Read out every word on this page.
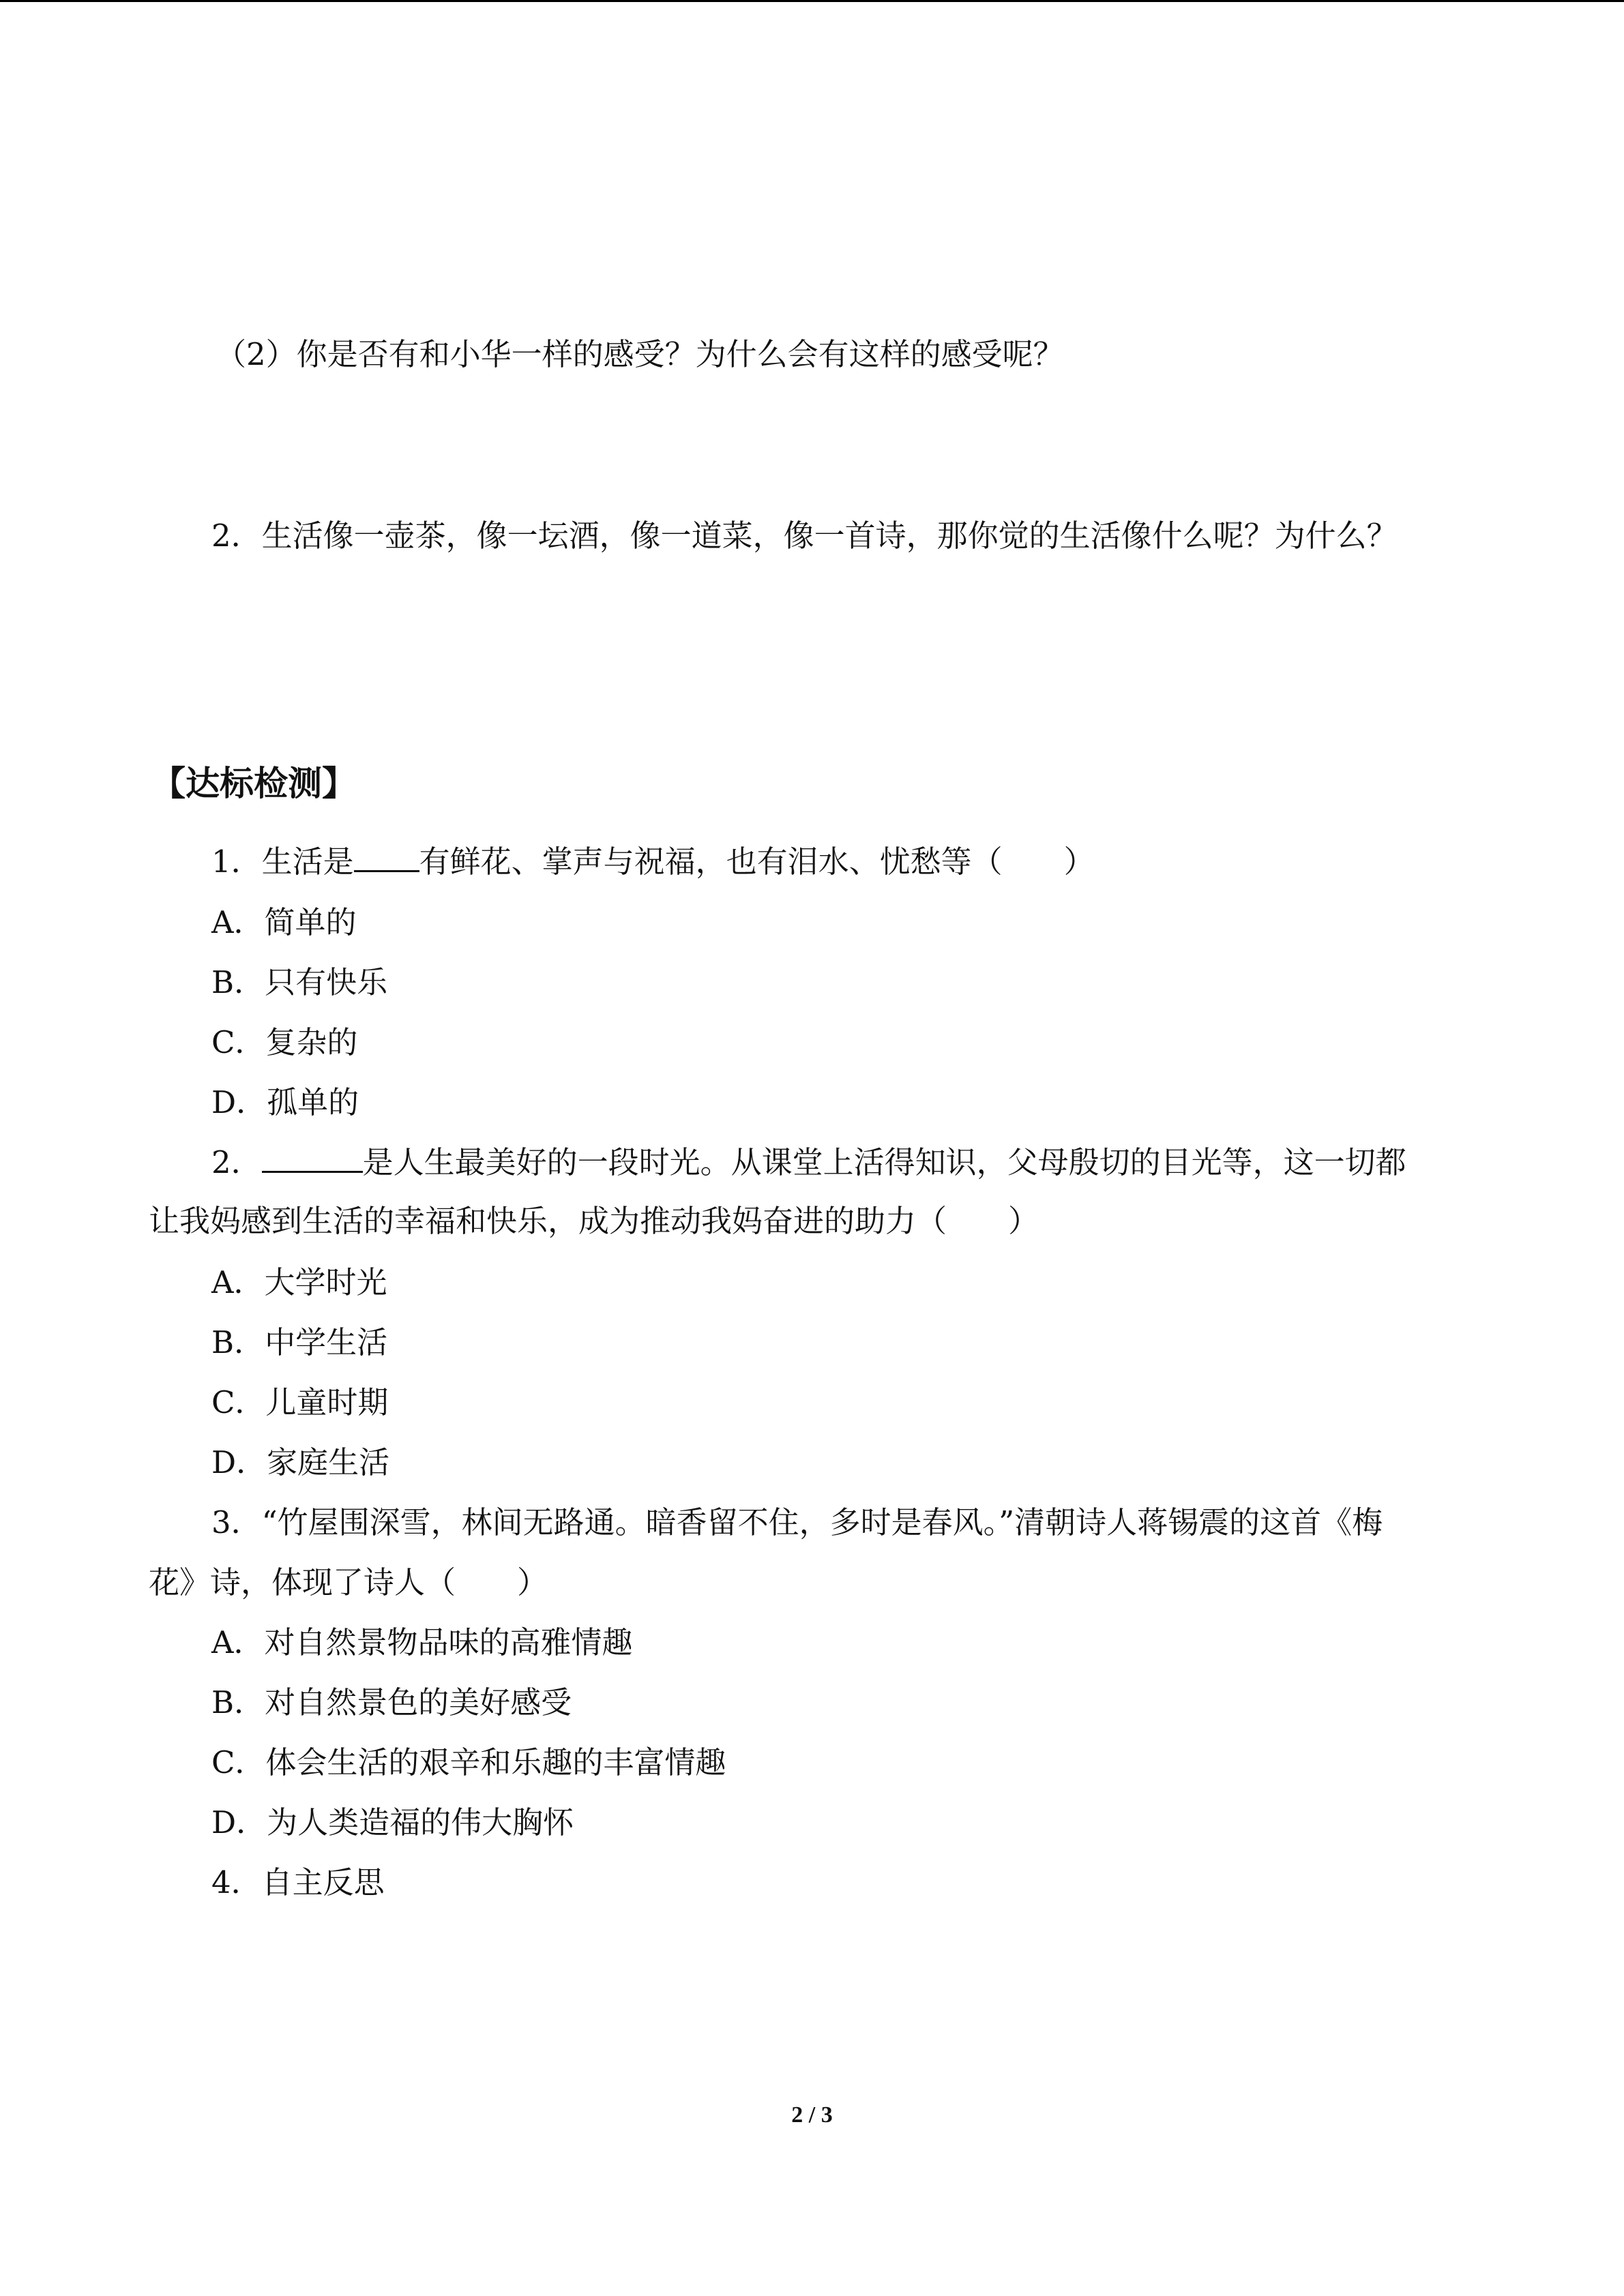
（2）你是否有和小华一样的感受？为什么会有这样的感受呢？
2．生活像一壶茶，像一坛酒，像一道菜，像一首诗，那你觉的生活像什么呢？为什么？
【达标检测】
1．生活是 有鲜花、掌声与祝福，也有泪水、忧愁等（　　）
A．简单的
B．只有快乐
C．复杂的
D．孤单的
2．	是人生最美好的一段时光。从课堂上活得知识，父母殷切的目光等，这一切都
让我妈感到生活的幸福和快乐，成为推动我妈奋进的助力（　　）
A．大学时光
B．中学生活
C．儿童时期
D．家庭生活
3．“竹屋围深雪，林间无路通。暗香留不住，多时是春风。”清朝诗人蒋锡震的这首《梅
花》诗，体现了诗人（　　）
A．对自然景物品味的高雅情趣
B．对自然景色的美好感受
C．体会生活的艰辛和乐趣的丰富情趣
D．为人类造福的伟大胸怀
4．自主反思
2 / 3
